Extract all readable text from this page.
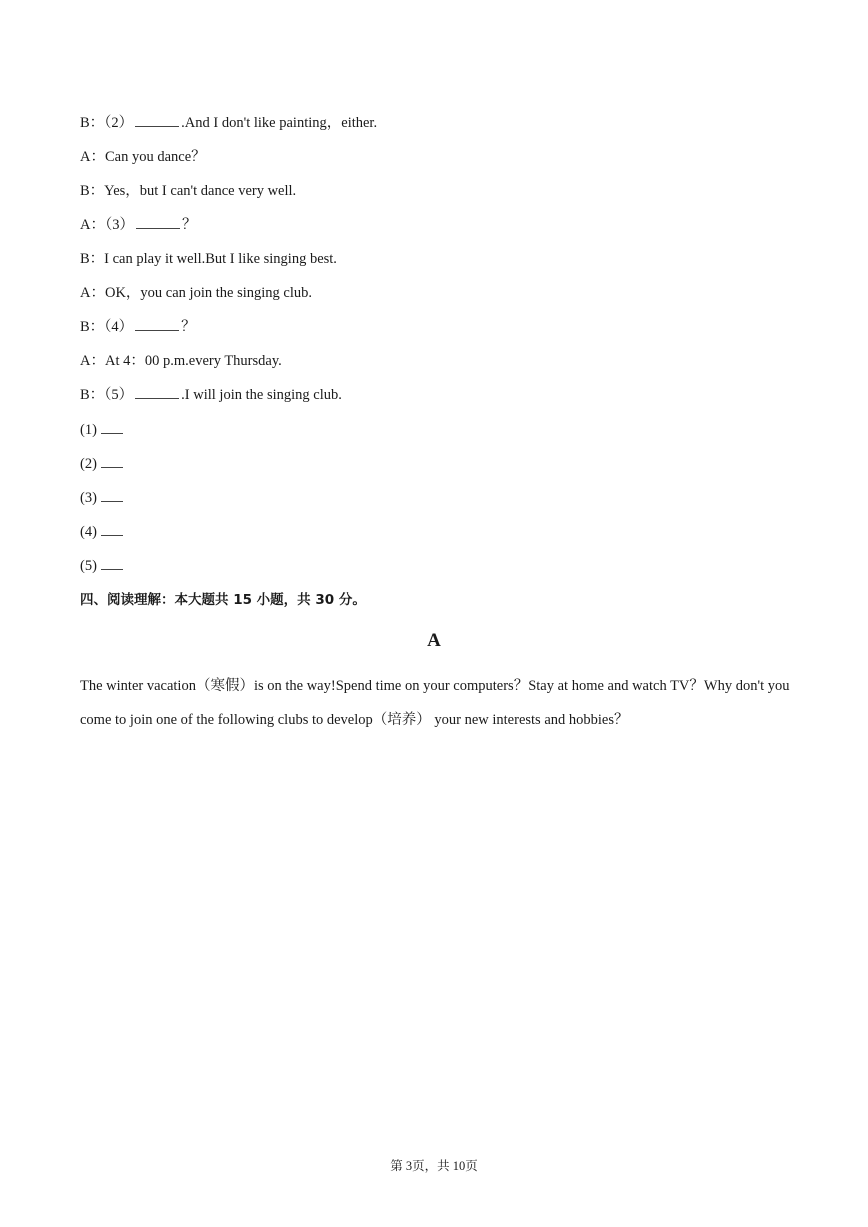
B：（2）	.And I don't like painting，either.
A：Can you dance？
B：Yes，but I can't dance very well.
A：（3）	？
B：I can play it well.But I like singing best.
A：OK，you can join the singing club.
B：（4）	？
A：At 4：00 p.m.every Thursday.
B：（5）	.I will join the singing club.
(1)
(2)
(3)
(4)
(5)
四、阅读理解：本大题共 15 小题，共 30 分。
A
The winter vacation（寒假）is on the way!Spend time on your computers？Stay at home and watch TV？Why don't you come to join one of the following clubs to develop（培养） your new interests and hobbies？
第 3页，共 10页
